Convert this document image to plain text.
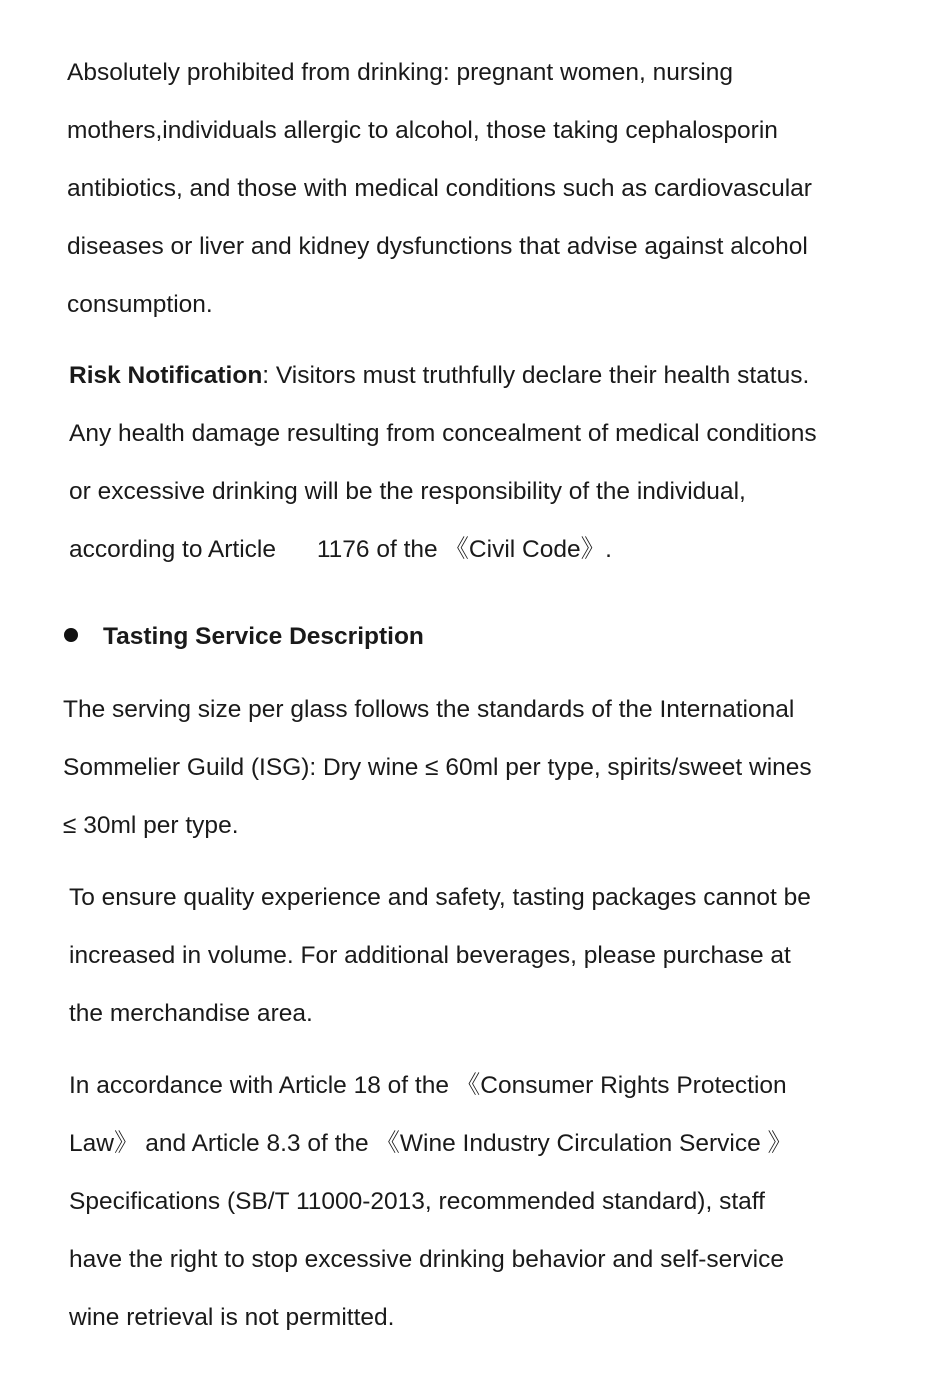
Absolutely prohibited from drinking: pregnant women, nursing
mothers,individuals allergic to alcohol, those taking cephalosporin
antibiotics, and those with medical conditions such as cardiovascular
diseases or liver and kidney dysfunctions that advise against alcohol
consumption.

Risk Notification: Visitors must truthfully declare their health status.
Any health damage resulting from concealment of medical conditions
or excessive drinking will be the responsibility of the individual,
according to Article      1176 of the 《Civil Code》.

Tasting Service Description

The serving size per glass follows the standards of the International
Sommelier Guild (ISG): Dry wine ≤ 60ml per type, spirits/sweet wines
≤ 30ml per type.

To ensure quality experience and safety, tasting packages cannot be
increased in volume. For additional beverages, please purchase at
the merchandise area.

In accordance with Article 18 of the 《Consumer Rights Protection
Law》 and Article 8.3 of the 《Wine Industry Circulation Service 》
Specifications (SB/T 11000-2013, recommended standard), staff
have the right to stop excessive drinking behavior and self-service
wine retrieval is not permitted.
